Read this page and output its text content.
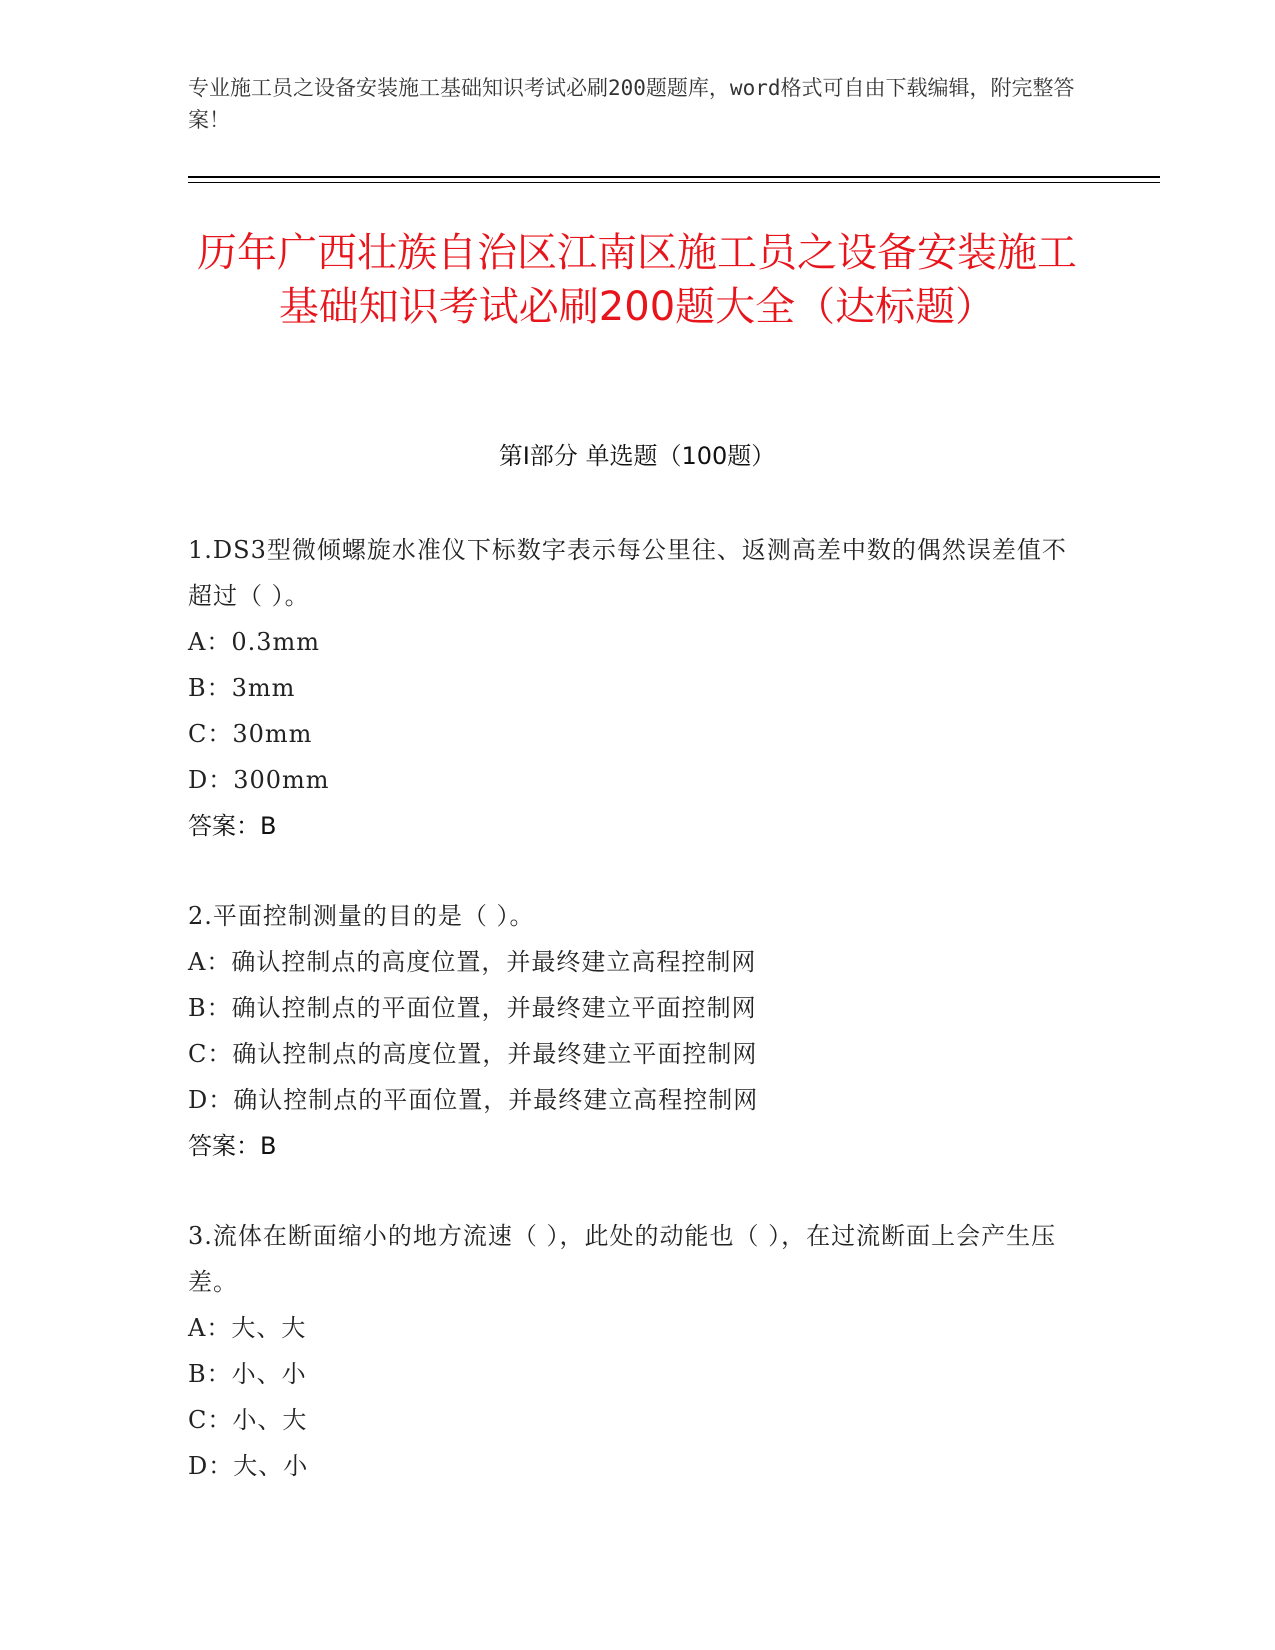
专业施工员之设备安装施工基础知识考试必刷200题题库，word格式可自由下载编辑，附完整答案！
历年广西壮族自治区江南区施工员之设备安装施工基础知识考试必刷200题大全（达标题）
第Ⅰ部分 单选题（100题）
1.DS3型微倾螺旋水准仪下标数字表示每公里往、返测高差中数的偶然误差值不超过（ ）。
A：0.3mm
B：3mm
C：30mm
D：300mm
答案：B
2.平面控制测量的目的是（ ）。
A：确认控制点的高度位置，并最终建立高程控制网
B：确认控制点的平面位置，并最终建立平面控制网
C：确认控制点的高度位置，并最终建立平面控制网
D：确认控制点的平面位置，并最终建立高程控制网
答案：B
3.流体在断面缩小的地方流速（ ），此处的动能也（ ），在过流断面上会产生压差。
A：大、大
B：小、小
C：小、大
D：大、小
